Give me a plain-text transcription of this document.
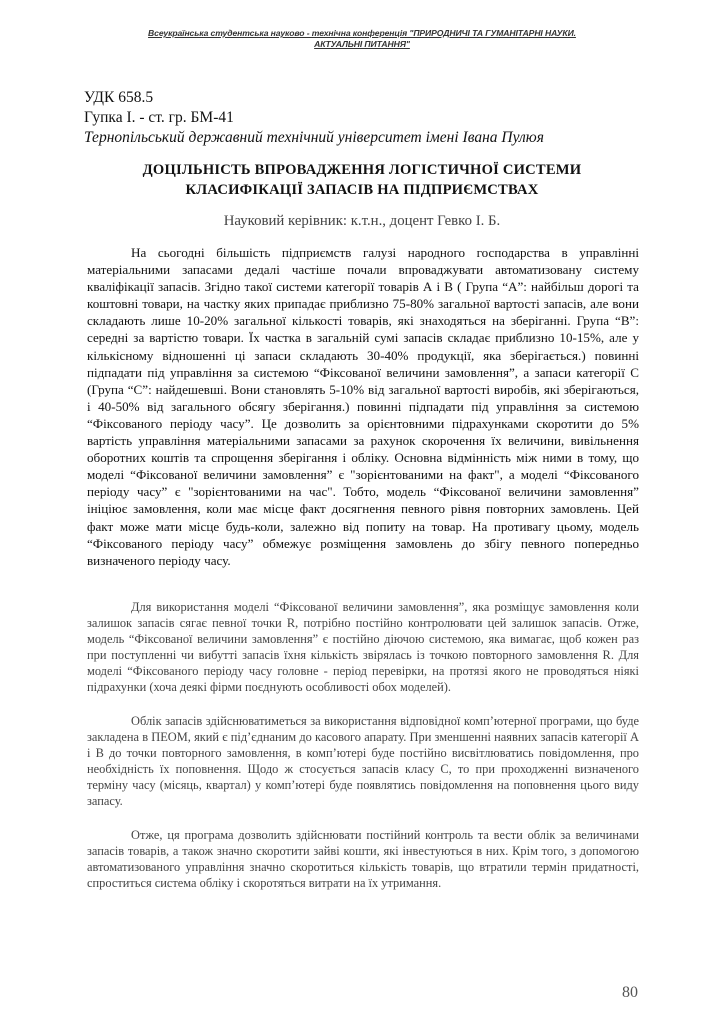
Всеукраїнська студентська науково - технічна конференція "ПРИРОДНИЧІ ТА ГУМАНІТАРНІ НАУКИ.
АКТУАЛЬНІ ПИТАННЯ"
УДК 658.5
Гупка І. - ст. гр. БМ-41
Тернопільський державний технічний університет імені Івана Пулюя
ДОЦІЛЬНІСТЬ ВПРОВАДЖЕННЯ ЛОГІСТИЧНОЇ СИСТЕМИ
КЛАСИФІКАЦІЇ ЗАПАСІВ НА ПІДПРИЄМСТВАХ
Науковий керівник: к.т.н., доцент Гевко І. Б.

На сьогодні більшість підприємств галузі народного господарства в управлінні матеріальними запасами дедалі частіше почали впроваджувати автоматизовану систему кваліфікації запасів. Згідно такої системи категорії товарів А і В ( Група “А”: найбільш дорогі та коштовні товари, на частку яких припадає приблизно 75-80% загальної вартості запасів, але вони складають лише 10-20% загальної кількості товарів, які знаходяться на зберіганні. Група “В”: середні за вартістю товари. Їх частка в загальній сумі запасів складає приблизно 10-15%, але у кількісному відношенні ці запаси складають 30-40% продукції, яка зберігається.) повинні підпадати під управління за системою “Фіксованої величини замовлення”, а запаси категорії С (Група “С”: найдешевші. Вони становлять 5-10% від загальної вартості виробів, які зберігаються, і 40-50% від загального обсягу зберігання.) повинні підпадати під управління за системою “Фіксованого періоду часу”. Це дозволить за орієнтовними підрахунками скоротити до 5% вартість управління матеріальними запасами за рахунок скорочення їх величини, вивільнення оборотних коштів та спрощення зберігання і обліку. Основна відмінність між ними в тому, що моделі “Фіксованої величини замовлення” є "зорієнтованими на факт", а моделі “Фіксованого періоду часу” є "зорієнтованими на час". Тобто, модель “Фіксованої величини замовлення” ініціює замовлення, коли має місце факт досягнення певного рівня повторних замовлень. Цей факт може мати місце будь-коли, залежно від попиту на товар. На противагу цьому, модель “Фіксованого періоду часу” обмежує розміщення замовлень до збігу певного попередньо визначеного періоду часу.

Для використання моделі “Фіксованої величини замовлення”, яка розміщує замовлення коли залишок запасів сягає певної точки R, потрібно постійно контролювати цей залишок запасів. Отже, модель “Фіксованої величини замовлення” є постійно діючою системою, яка вимагає, щоб кожен раз при поступленні чи вибутті запасів їхня кількість звірялась із точкою повторного замовлення R. Для моделі “Фіксованого періоду часу головне - період перевірки, на протязі якого не проводяться ніякі підрахунки (хоча деякі фірми поєднують особливості обох моделей).

Облік запасів здійснюватиметься за використання відповідної комп’ютерної програми, що буде закладена в ПЕОМ, який є під’єднаним до касового апарату. При зменшенні наявних запасів категорії А і В до точки повторного замовлення, в комп’ютері буде постійно висвітлюватись повідомлення, про необхідність їх поповнення. Щодо ж стосується запасів класу С, то при проходженні визначеного терміну часу (місяць, квартал) у комп’ютері буде появлятись повідомлення на поповнення цього виду запасу.

Отже, ця програма дозволить здійснювати постійний контроль та вести облік за величинами запасів товарів, а також значно скоротити зайві кошти, які інвестуються в них. Крім того, з допомогою автоматизованого управління значно скоротиться кількість товарів, що втратили термін придатності, спроститься система обліку і скоротяться витрати на їх утримання.

80
